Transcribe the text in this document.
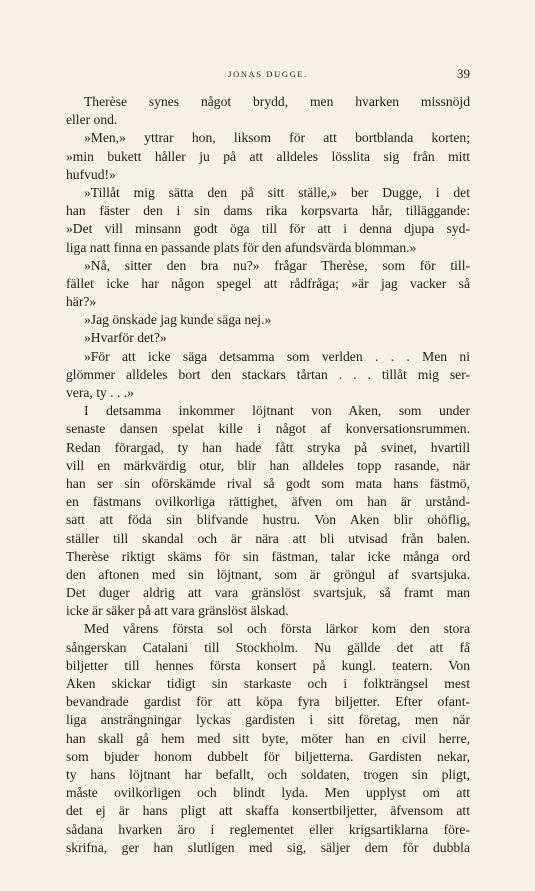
JONAS DUGGE.	39
Therèse synes något brydd, men hvarken missnöjd
eller ond.
»Men,» yttrar hon, liksom för att bortblanda korten;
»min bukett håller ju på att alldeles lösslita sig från mitt
hufvud!»
»Tillåt mig sätta den på sitt ställe,» ber Dugge, i det
han fäster den i sin dams rika korpsvarta hår, tilläggande:
»Det vill minsann godt öga till för att i denna djupa syd-
liga natt finna en passande plats för den afundsvärda blomman.»
»Nå, sitter den bra nu?» frågar Therèse, som för till-
fället icke har någon spegel att rådfråga; »är jag vacker så
här?»
»Jag önskade jag kunde säga nej.»
»Hvarför det?»
»För att icke säga detsamma som verlden . . . Men ni
glömmer alldeles bort den stackars tårtan . . . tillåt mig ser-
vera, ty . . .»
I detsamma inkommer löjtnant von Aken, som under
senaste dansen spelat kille i något af konversationsrummen.
Redan förargad, ty han hade fått stryka på svinet, hvartill
vill en märkvärdig otur, blir han alldeles topp rasande, när
han ser sin oförskämde rival så godt som mata hans fästmö,
en fästmans ovilkorliga rättighet, äfven om han är urstånd-
satt att föda sin blifvande hustru. Von Aken blir ohöflig,
ställer till skandal och är nära att bli utvisad från balen.
Therèse riktigt skäms för sin fästman, talar icke många ord
den aftonen med sin löjtnant, som är gröngul af svartsjuka.
Det duger aldrig att vara gränslöst svartsjuk, så framt man
icke är säker på att vara gränslöst älskad.
Med vårens första sol och första lärkor kom den stora
sångerskan Catalani till Stockholm. Nu gällde det att få
biljetter till hennes första konsert på kungl. teatern. Von
Aken skickar tidigt sin starkaste och i folkträngsel mest
bevandrade gardist för att köpa fyra biljetter. Efter ofant-
liga ansträngningar lyckas gardisten i sitt företag, men när
han skall gå hem med sitt byte, möter han en civil herre,
som bjuder honom dubbelt för biljetterna. Gardisten nekar,
ty hans löjtnant har befallt, och soldaten, trogen sin pligt,
måste ovilkorligen och blindt lyda. Men upplyst om att
det ej är hans pligt att skaffa konsertbiljetter, äfvensom att
sådana hvarken äro i reglementet eller krigsartiklarna före-
skrifna, ger han slutligen med sig, säljer dem för dubbla
